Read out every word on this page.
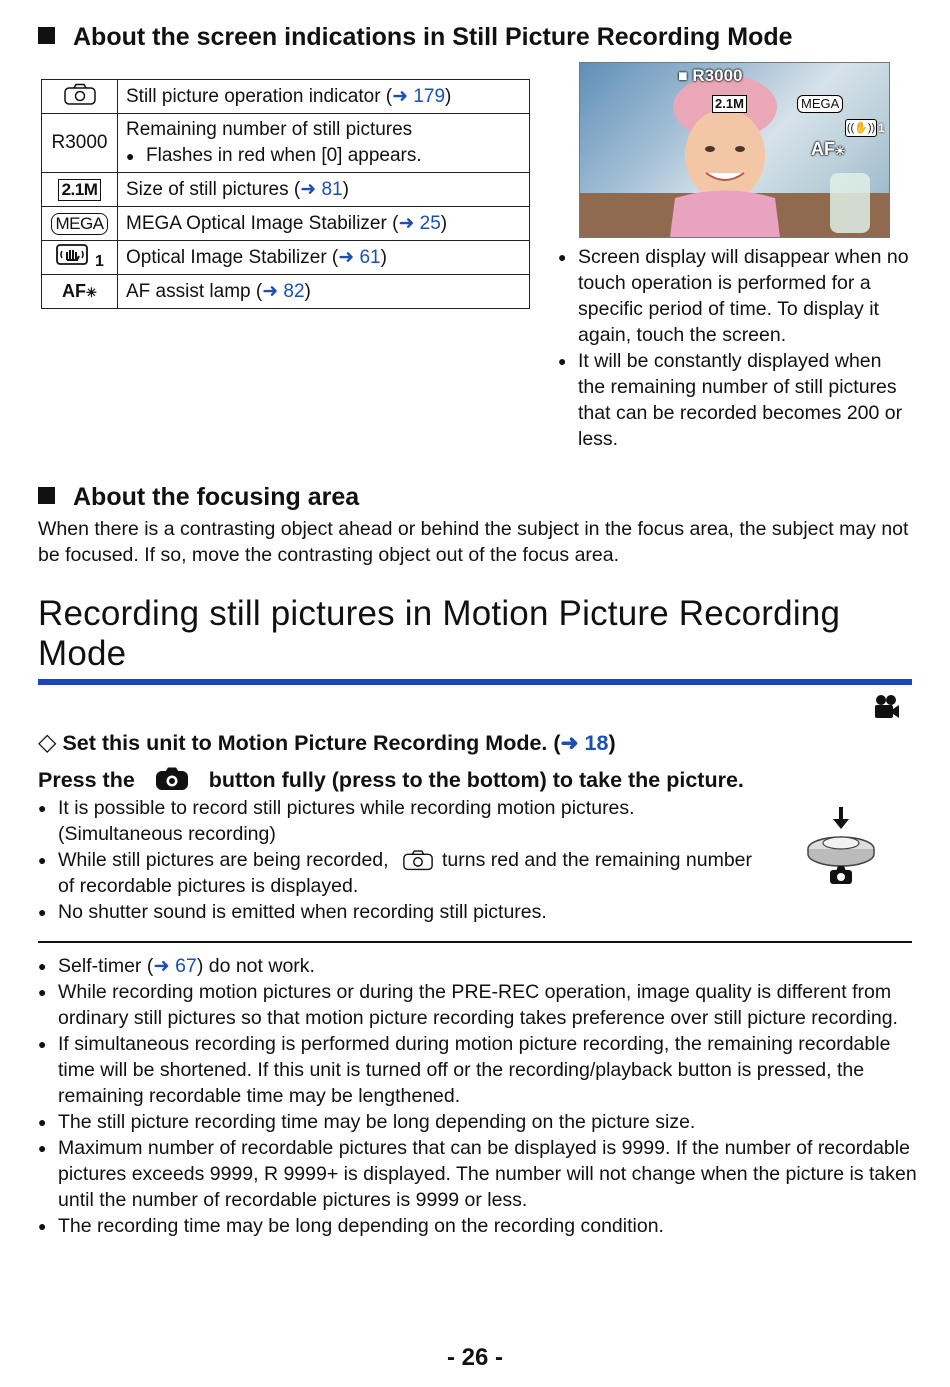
About the screen indications in Still Picture Recording Mode
	Still picture operation indicator (➜ 179)
R3000	Remaining number of still pictures
● Flashes in red when [0] appears.

2.1M	Size of still pictures (➜ 81)
MEGA	MEGA Optical Image Stabilizer (➜ 25)
$_1$	Optical Image Stabilizer (➜ 61)
AF✳	AF assist lamp (➜ 82)
■ R3000
2.1M	MEGA
((✋)) 1
AF✳
● Screen display will disappear when no touch operation is performed for a specific period of time. To display it again, touch the screen.
● It will be constantly displayed when the remaining number of still pictures that can be recorded becomes 200 or less.
About the focusing area
When there is a contrasting object ahead or behind the subject in the focus area, the subject may not be focused. If so, move the contrasting object out of the focus area.
Recording still pictures in Motion Picture Recording
Mode
◇ Set this unit to Motion Picture Recording Mode. (➜ 18)
Press the	button fully (press to the bottom) to take the picture.
● It is possible to record still pictures while recording motion pictures.
(Simultaneous recording)
● While still pictures are being recorded,	turns red and the remaining number
of recordable pictures is displayed.
● No shutter sound is emitted when recording still pictures.
● Self-timer (➜ 67) do not work.
● While recording motion pictures or during the PRE-REC operation, image quality is different from ordinary still pictures so that motion picture recording takes preference over still picture recording.
● If simultaneous recording is performed during motion picture recording, the remaining recordable time will be shortened. If this unit is turned off or the recording/playback button is pressed, the remaining recordable time may be lengthened.
● The still picture recording time may be long depending on the picture size.
● Maximum number of recordable pictures that can be displayed is 9999. If the number of recordable pictures exceeds 9999, R 9999+ is displayed. The number will not change when the picture is taken until the number of recordable pictures is 9999 or less.
● The recording time may be long depending on the recording condition.
- 26 -
